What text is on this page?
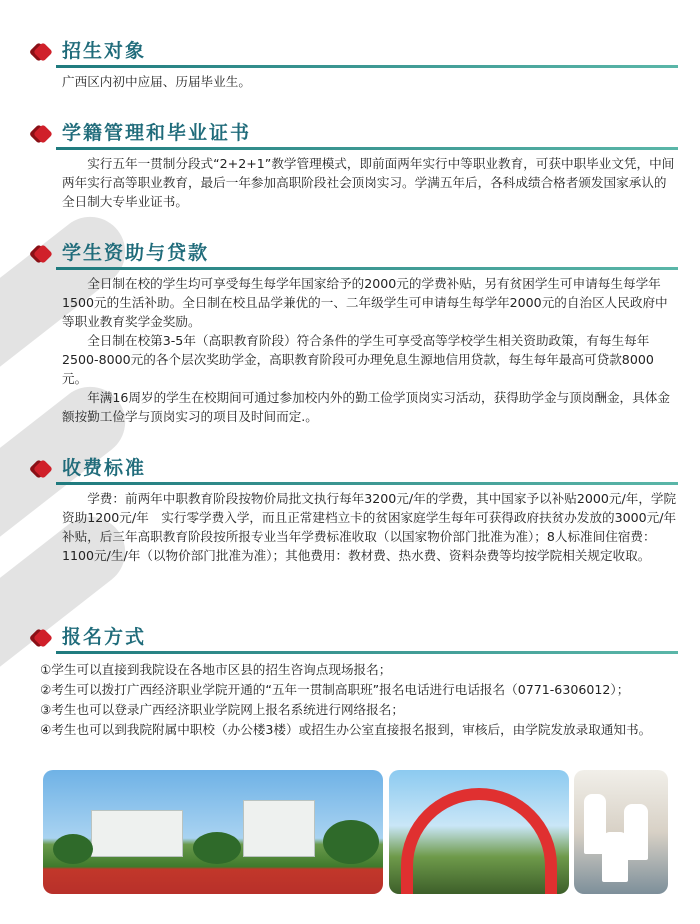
招生对象

广西区内初中应届、历届毕业生。

学籍管理和毕业证书

实行五年一贯制分段式“2+2+1”教学管理模式，即前面两年实行中等职业教育，可获中职毕业文凭，中间两年实行高等职业教育，最后一年参加高职阶段社会顶岗实习。学满五年后，各科成绩合格者颁发国家承认的全日制大专毕业证书。

学生资助与贷款

全日制在校的学生均可享受每生每学年国家给予的2000元的学费补贴，另有贫困学生可申请每生每学年1500元的生活补助。全日制在校且品学兼优的一、二年级学生可申请每生每学年2000元的自治区人民政府中等职业教育奖学金奖励。

全日制在校第3-5年（高职教育阶段）符合条件的学生可享受高等学校学生相关资助政策，有每生每年2500-8000元的各个层次奖助学金，高职教育阶段可办理免息生源地信用贷款，每生每年最高可贷款8000元。

年满16周岁的学生在校期间可通过参加校内外的勤工俭学顶岗实习活动，获得助学金与顶岗酬金，具体金额按勤工俭学与顶岗实习的项目及时间而定.。

收费标准

学费：前两年中职教育阶段按物价局批文执行每年3200元/年的学费，其中国家予以补贴2000元/年，学院资助1200元/年　实行零学费入学，而且正常建档立卡的贫困家庭学生每年可获得政府扶贫办发放的3000元/年补贴，后三年高职教育阶段按所报专业当年学费标准收取（以国家物价部门批准为准）；8人标准间住宿费：1100元/生/年（以物价部门批准为准）；其他费用：教材费、热水费、资料杂费等均按学院相关规定收取。

报名方式
①学生可以直接到我院设在各地市区县的招生咨询点现场报名；
②考生可以拨打广西经济职业学院开通的“五年一贯制高职班”报名电话进行电话报名（0771-6306012）；
③考生也可以登录广西经济职业学院网上报名系统进行网络报名；
④考生也可以到我院附属中职校（办公楼3楼）或招生办公室直接报名报到，审核后，由学院发放录取通知书。
